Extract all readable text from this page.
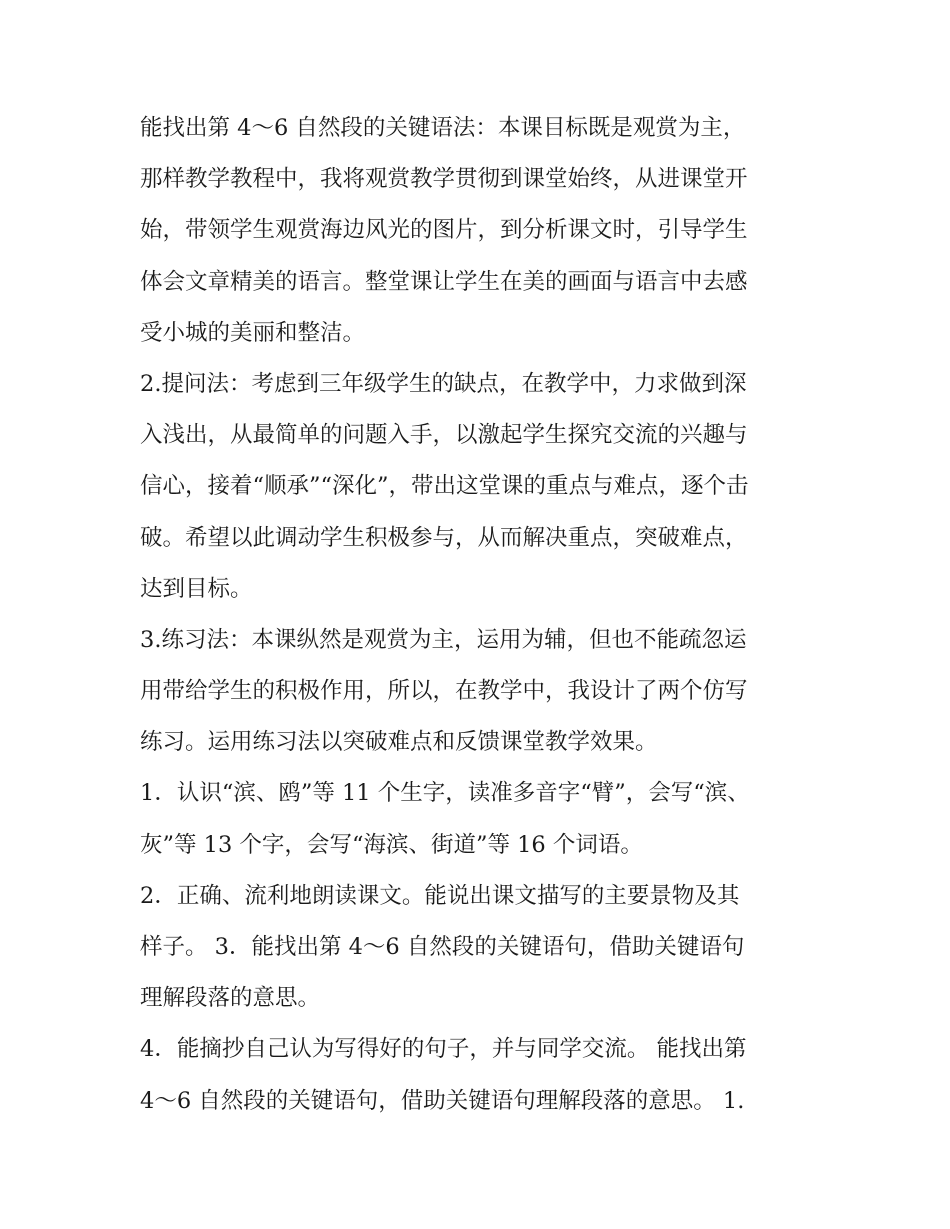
能找出第 4～6 自然段的关键语法：本课目标既是观赏为主，
那样教学教程中，我将观赏教学贯彻到课堂始终，从进课堂开
始，带领学生观赏海边风光的图片，到分析课文时，引导学生
体会文章精美的语言。整堂课让学生在美的画面与语言中去感
受小城的美丽和整洁。
2.提问法：考虑到三年级学生的缺点，在教学中，力求做到深
入浅出，从最简单的问题入手，以激起学生探究交流的兴趣与
信心，接着“顺承”“深化”，带出这堂课的重点与难点，逐个击
破。希望以此调动学生积极参与，从而解决重点，突破难点，
达到目标。
3.练习法：本课纵然是观赏为主，运用为辅，但也不能疏忽运
用带给学生的积极作用，所以，在教学中，我设计了两个仿写
练习。运用练习法以突破难点和反馈课堂教学效果。
1．认识“滨、鸥”等 11 个生字，读准多音字“臂”，会写“滨、
灰”等 13 个字，会写“海滨、街道”等 16 个词语。
2．正确、流利地朗读课文。能说出课文描写的主要景物及其
样子。 3．能找出第 4～6 自然段的关键语句，借助关键语句
理解段落的意思。
4．能摘抄自己认为写得好的句子，并与同学交流。 能找出第
4～6 自然段的关键语句，借助关键语句理解段落的意思。 1.
